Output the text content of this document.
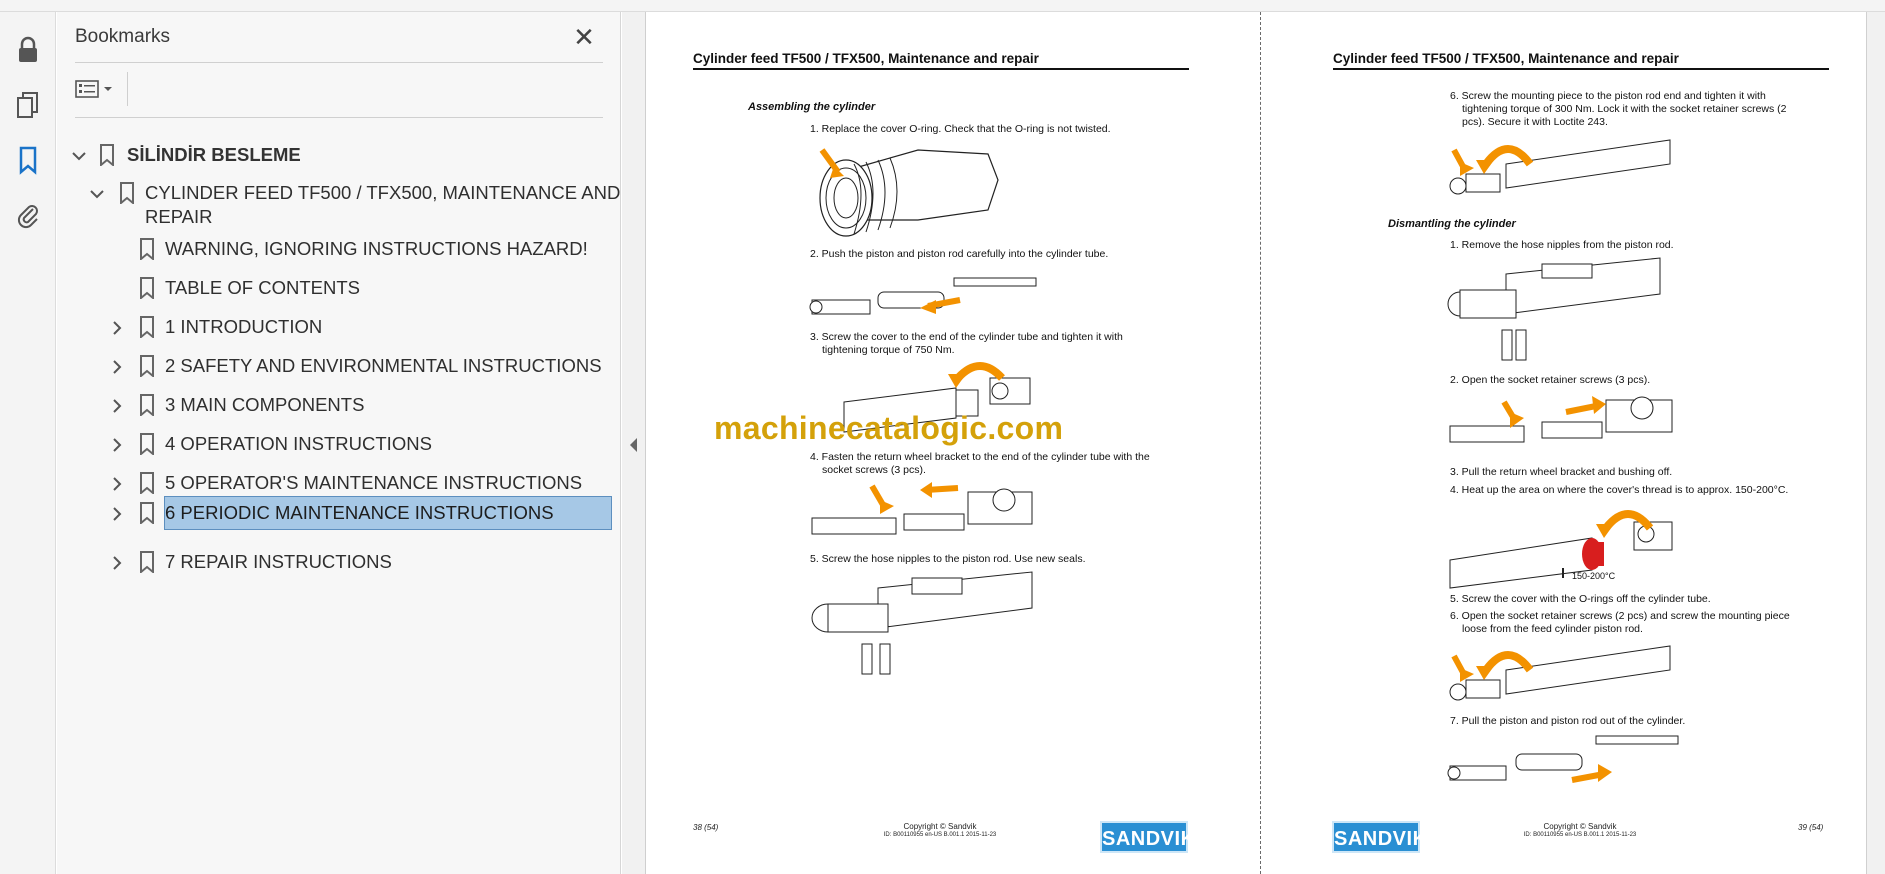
Bookmarks	✕
SİLİNDİR BESLEME
CYLINDER FEED TF500 / TFX500, MAINTENANCE AND
REPAIR
WARNING, IGNORING INSTRUCTIONS HAZARD!
TABLE OF CONTENTS
1 INTRODUCTION
2 SAFETY AND ENVIRONMENTAL INSTRUCTIONS
3 MAIN COMPONENTS
4 OPERATION INSTRUCTIONS
5 OPERATOR'S MAINTENANCE INSTRUCTIONS
6 PERIODIC MAINTENANCE INSTRUCTIONS
7 REPAIR INSTRUCTIONS
Cylinder feed TF500 / TFX500, Maintenance and repair
Assembling the cylinder
1. Replace the cover O-ring. Check that the O-ring is not twisted.
2. Push the piston and piston rod carefully into the cylinder tube.
3. Screw the cover to the end of the cylinder tube and tighten it with
tightening torque of 750 Nm.
machinecatalogic.com
4. Fasten the return wheel bracket to the end of the cylinder tube with the
socket screws (3 pcs).
5. Screw the hose nipples to the piston rod. Use new seals.
38 (54)	Copyright © Sandvik
ID: B00110955 en-US B.001.1 2015-11-23	SANDVIK
Cylinder feed TF500 / TFX500, Maintenance and repair
6. Screw the mounting piece to the piston rod end and tighten it with
tightening torque of 300 Nm. Lock it with the socket retainer screws (2
pcs). Secure it with Loctite 243.
Dismantling the cylinder
1. Remove the hose nipples from the piston rod.
2. Open the socket retainer screws (3 pcs).
3. Pull the return wheel bracket and bushing off.
4. Heat up the area on where the cover's thread is to approx. 150-200°C.
150-200°C
5. Screw the cover with the O-rings off the cylinder tube.
6. Open the socket retainer screws (2 pcs) and screw the mounting piece
loose from the feed cylinder piston rod.
7. Pull the piston and piston rod out of the cylinder.
SANDVIK
Copyright © Sandvik
ID: B00110955 en-US B.001.1 2015-11-23
39 (54)
